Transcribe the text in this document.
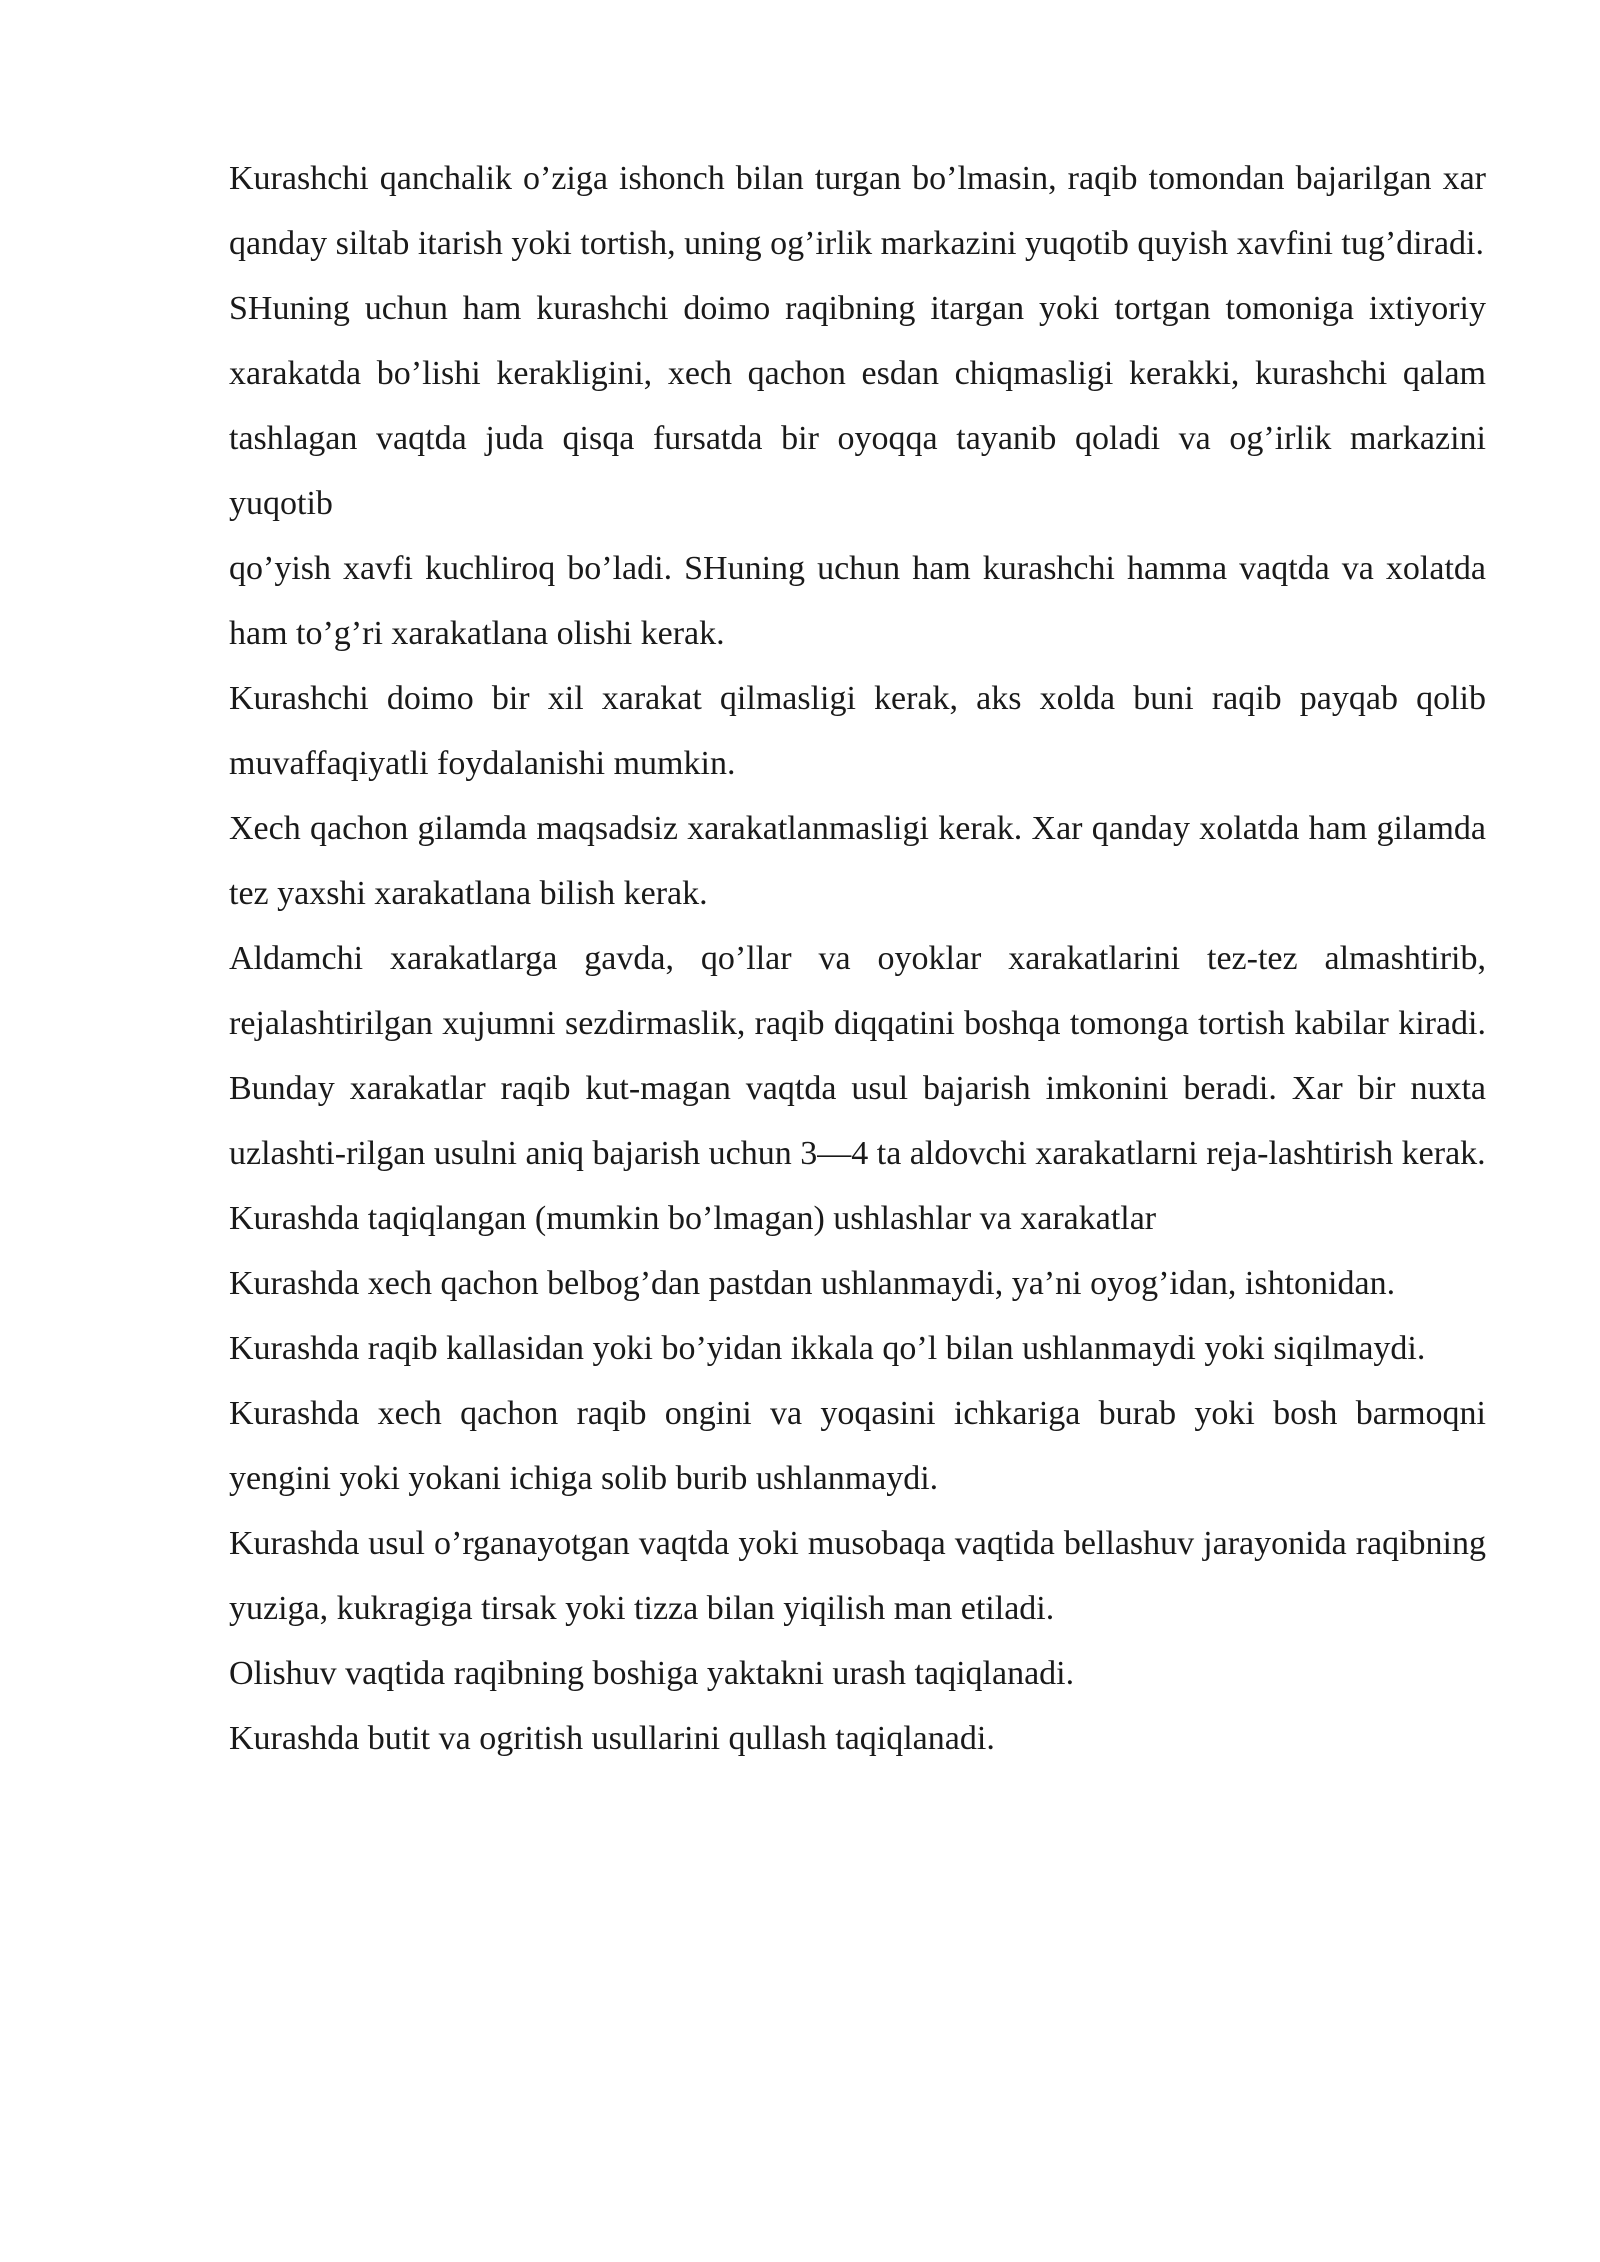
Kurashchi qanchalik o’ziga ishonch bilan turgan bo’lmasin, raqib tomondan bajarilgan xar qanday siltab itarish yoki tortish, uning og’irlik markazini yuqotib quyish xavfini tug’diradi.

SHuning uchun ham kurashchi doimo raqibning itargan yoki tortgan tomoniga ixtiyoriy xarakatda bo’lishi kerakligini, xech qachon esdan chiqmasligi kerakki, kurashchi qalam tashlagan vaqtda juda qisqa fursatda bir oyoqqa tayanib qoladi va og’irlik markazini yuqotib

qo’yish xavfi kuchliroq bo’ladi. SHuning uchun ham kurashchi hamma vaqtda va xolatda ham to’g’ri xarakatlana olishi kerak.

Kurashchi doimo bir xil xarakat qilmasligi kerak, aks xolda buni raqib payqab qolib muvaffaqiyatli foydalanishi mumkin.

Xech qachon gilamda maqsadsiz xarakatlanmasligi kerak. Xar qanday xolatda ham gilamda tez yaxshi xarakatlana bilish kerak.

Aldamchi xarakatlarga gavda, qo’llar va oyoklar xarakatlarini tez-tez almashtirib, rejalashtirilgan xujumni sezdirmaslik, raqib diqqatini boshqa tomonga tortish kabilar kiradi. Bunday xarakatlar raqib kut-magan vaqtda usul bajarish imkonini beradi. Xar bir nuxta uzlashti-rilgan usulni aniq bajarish uchun 3—4 ta aldovchi xarakatlarni reja-lashtirish kerak.

Kurashda taqiqlangan (mumkin bo’lmagan) ushlashlar va xarakatlar

Kurashda xech qachon belbog’dan pastdan ushlanmaydi, ya’ni oyog’idan, ishtonidan.

Kurashda raqib kallasidan yoki bo’yidan ikkala qo’l bilan ushlanmaydi yoki siqilmaydi.

Kurashda xech qachon raqib ongini va yoqasini ichkariga burab yoki bosh barmoqni yengini yoki yokani ichiga solib burib ushlanmaydi.

Kurashda usul o’rganayotgan vaqtda yoki musobaqa vaqtida bellashuv jarayonida raqibning yuziga, kukragiga tirsak yoki tizza bilan yiqilish man etiladi.

Olishuv vaqtida raqibning boshiga yaktakni urash taqiqlanadi.

Kurashda butit va ogritish usullarini qullash taqiqlanadi.
